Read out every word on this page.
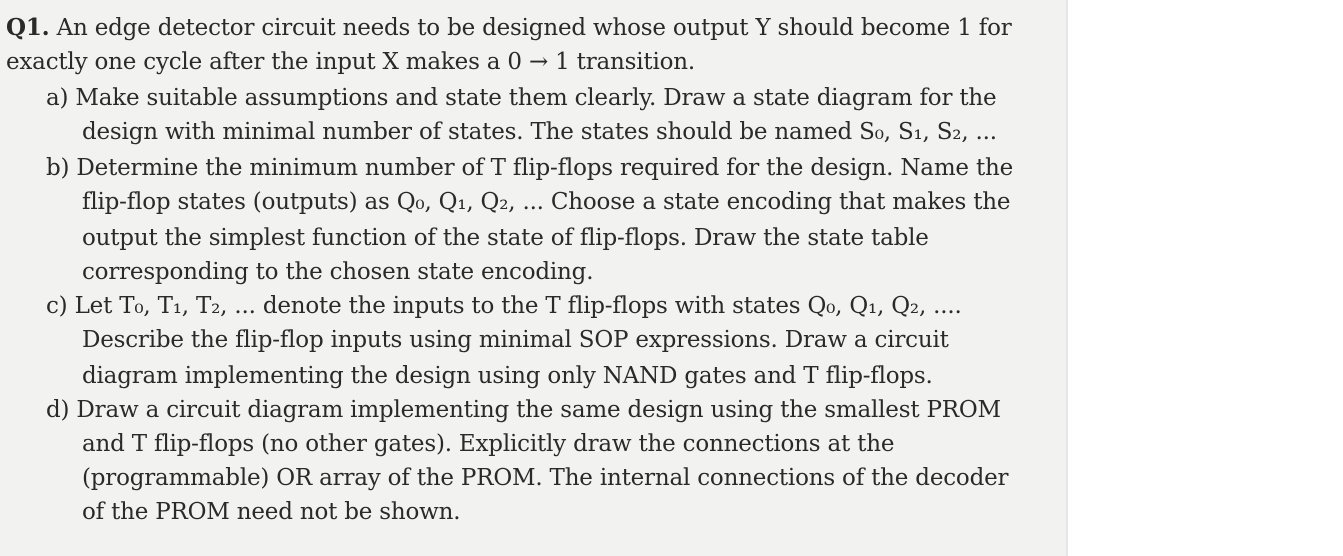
Q1. An edge detector circuit needs to be designed whose output Y should become 1 for
exactly one cycle after the input X makes a 0 → 1 transition.
a) Make suitable assumptions and state them clearly. Draw a state diagram for the
design with minimal number of states. The states should be named S₀, S₁, S₂, ...
b) Determine the minimum number of T flip-flops required for the design. Name the
flip-flop states (outputs) as Q₀, Q₁, Q₂, ... Choose a state encoding that makes the
output the simplest function of the state of flip-flops. Draw the state table
corresponding to the chosen state encoding.
c) Let T₀, T₁, T₂, ... denote the inputs to the T flip-flops with states Q₀, Q₁, Q₂, ....
Describe the flip-flop inputs using minimal SOP expressions. Draw a circuit
diagram implementing the design using only NAND gates and T flip-flops.
d) Draw a circuit diagram implementing the same design using the smallest PROM
and T flip-flops (no other gates). Explicitly draw the connections at the
(programmable) OR array of the PROM. The internal connections of the decoder
of the PROM need not be shown.
